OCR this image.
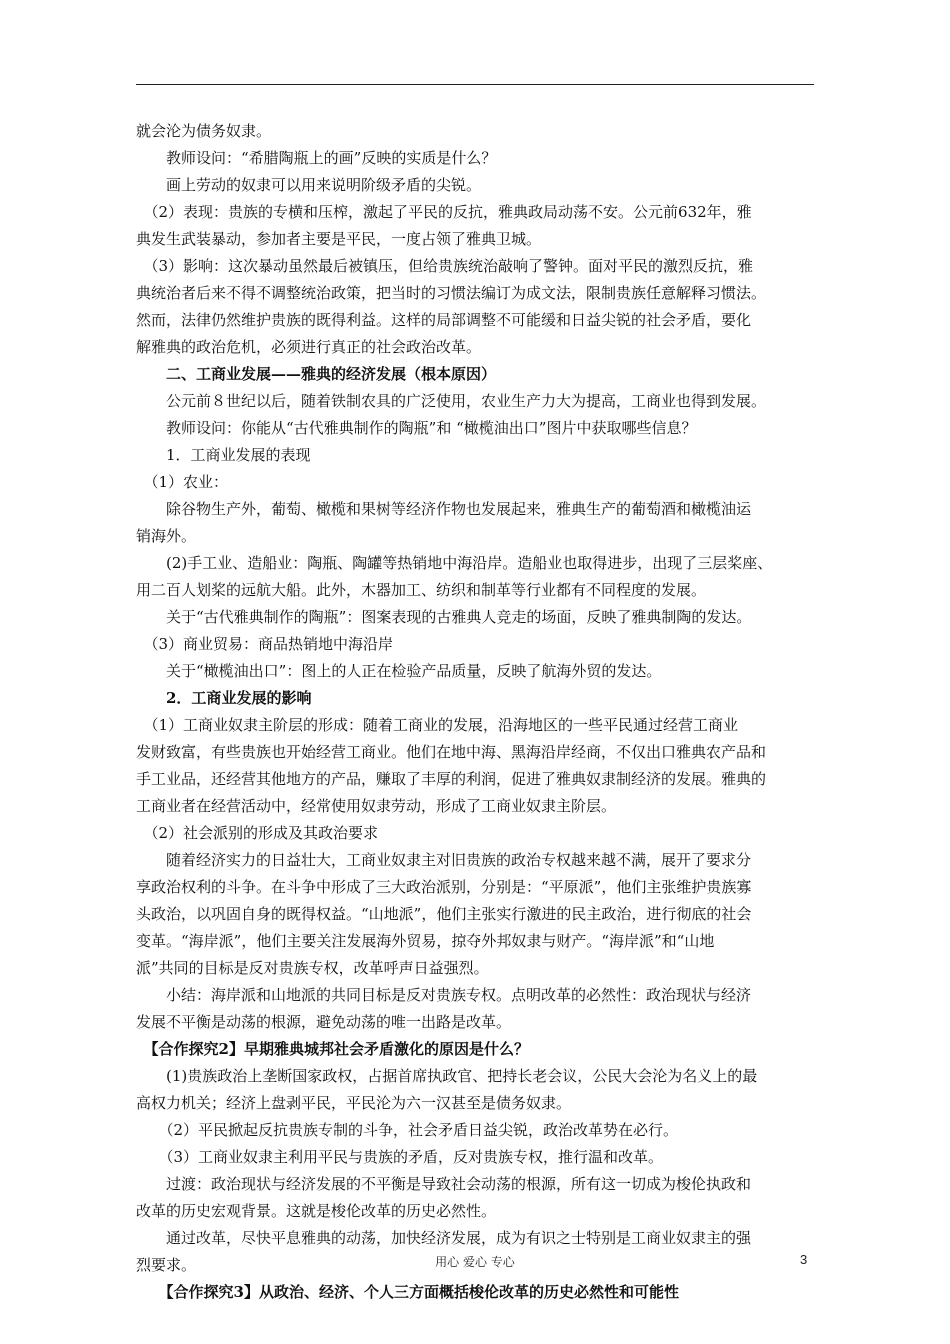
就会沦为债务奴隶。
　　教师设问：“希腊陶瓶上的画”反映的实质是什么？
　　画上劳动的奴隶可以用来说明阶级矛盾的尖锐。
　（2）表现：贵族的专横和压榨，激起了平民的反抗，雅典政局动荡不安。公元前632年，雅
典发生武装暴动，参加者主要是平民，一度占领了雅典卫城。
　（3）影响：这次暴动虽然最后被镇压，但给贵族统治敲响了警钟。面对平民的激烈反抗，雅
典统治者后来不得不调整统治政策，把当时的习惯法编订为成文法，限制贵族任意解释习惯法。
然而，法律仍然维护贵族的既得利益。这样的局部调整不可能缓和日益尖锐的社会矛盾，要化
解雅典的政治危机，必须进行真正的社会政治改革。
　　二、工商业发展——雅典的经济发展（根本原因）
　　公元前８世纪以后，随着铁制农具的广泛使用，农业生产力大为提高，工商业也得到发展。
　　教师设问：你能从“古代雅典制作的陶瓶”和 “橄榄油出口”图片中获取哪些信息？
　　1．工商业发展的表现
　（1）农业：
　　除谷物生产外，葡萄、橄榄和果树等经济作物也发展起来，雅典生产的葡萄酒和橄榄油运
销海外。
　　(2)手工业、造船业：陶瓶、陶罐等热销地中海沿岸。造船业也取得进步，出现了三层桨座、
用二百人划桨的远航大船。此外，木器加工、纺织和制革等行业都有不同程度的发展。
　　关于“古代雅典制作的陶瓶”：图案表现的古雅典人竞走的场面，反映了雅典制陶的发达。
　（3）商业贸易：商品热销地中海沿岸
　　关于“橄榄油出口”：图上的人正在检验产品质量，反映了航海外贸的发达。
　　2．工商业发展的影响
　（1）工商业奴隶主阶层的形成：随着工商业的发展，沿海地区的一些平民通过经营工商业
发财致富，有些贵族也开始经营工商业。他们在地中海、黑海沿岸经商，不仅出口雅典农产品和
手工业品，还经营其他地方的产品，赚取了丰厚的利润，促进了雅典奴隶制经济的发展。雅典的
工商业者在经营活动中，经常使用奴隶劳动，形成了工商业奴隶主阶层。
　（2）社会派别的形成及其政治要求
　　随着经济实力的日益壮大，工商业奴隶主对旧贵族的政治专权越来越不满，展开了要求分
享政治权利的斗争。在斗争中形成了三大政治派别，分别是：“平原派”，他们主张维护贵族寡
头政治，以巩固自身的既得权益。“山地派”，他们主张实行激进的民主政治，进行彻底的社会
变革。“海岸派”，他们主要关注发展海外贸易，掠夺外邦奴隶与财产。“海岸派”和“山地
派”共同的目标是反对贵族专权，改革呼声日益强烈。
　　小结：海岸派和山地派的共同目标是反对贵族专权。点明改革的必然性：政治现状与经济
发展不平衡是动荡的根源，避免动荡的唯一出路是改革。
　【合作探究2】早期雅典城邦社会矛盾激化的原因是什么？
　　(1)贵族政治上垄断国家政权，占据首席执政官、把持长老会议，公民大会沦为名义上的最
高权力机关；经济上盘剥平民，平民沦为六一汉甚至是债务奴隶。
　　（2）平民掀起反抗贵族专制的斗争，社会矛盾日益尖锐，政治改革势在必行。
　　（3）工商业奴隶主利用平民与贵族的矛盾，反对贵族专权，推行温和改革。
　　过渡：政治现状与经济发展的不平衡是导致社会动荡的根源，所有这一切成为梭伦执政和
改革的历史宏观背景。这就是梭伦改革的历史必然性。
　　通过改革，尽快平息雅典的动荡，加快经济发展，成为有识之士特别是工商业奴隶主的强
烈要求。
　　【合作探究3】从政治、经济、个人三方面概括梭伦改革的历史必然性和可能性
用心 爱心 专心	3
